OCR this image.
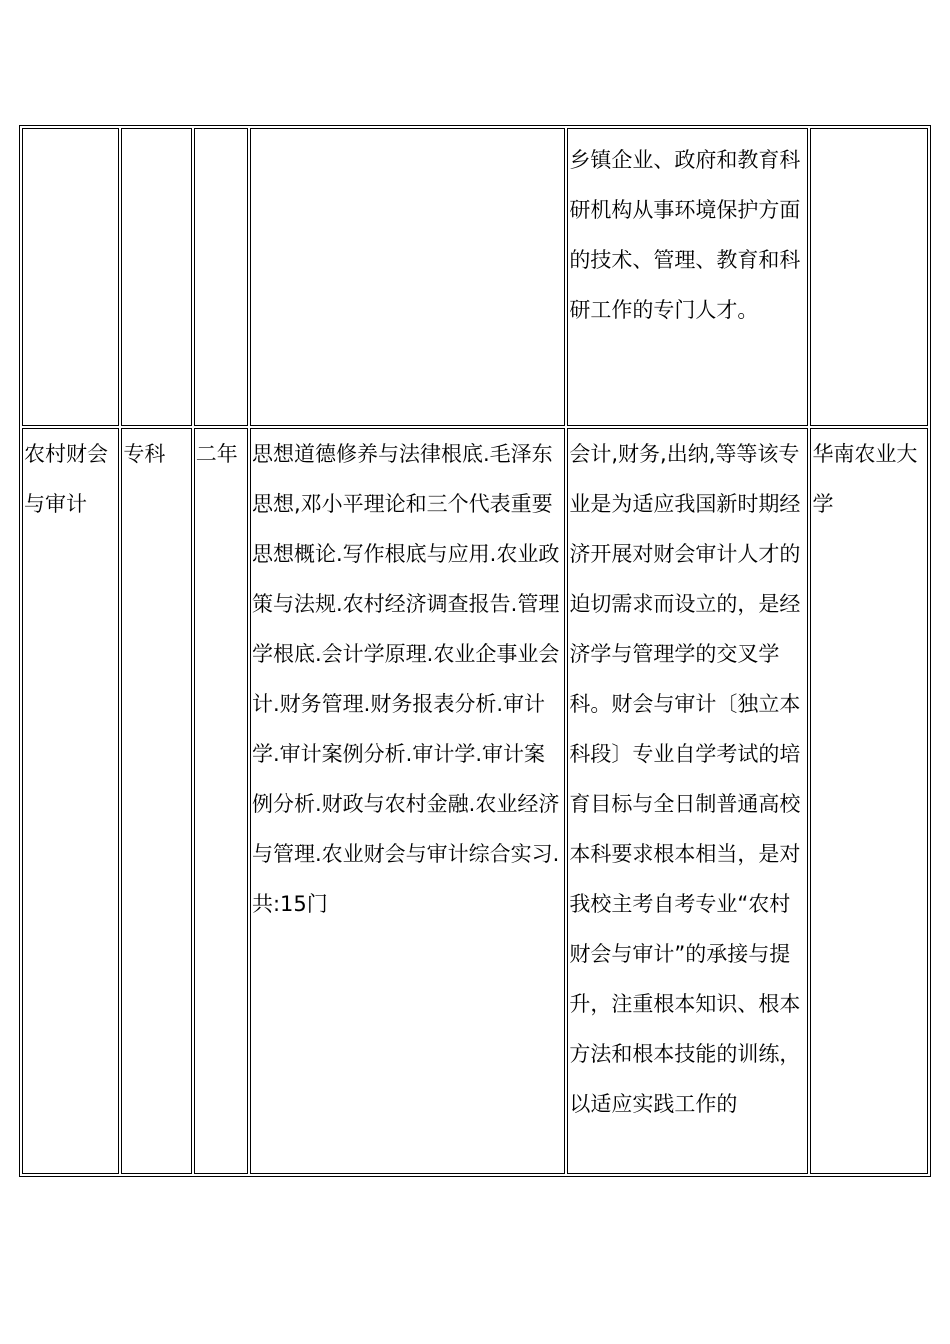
				乡镇企业、政府和教育科研机构从事环境保护方面的技术、管理、教育和科研工作的专门人才。	
农村财会与审计	专科	二年	思想道德修养与法律根底.毛泽东思想,邓小平理论和三个代表重要思想概论.写作根底与应用.农业政策与法规.农村经济调查报告.管理学根底.会计学原理.农业企事业会计.财务管理.财务报表分析.审计学.审计案例分析.审计学.审计案例分析.财政与农村金融.农业经济与管理.农业财会与审计综合实习.共:15门	会计,财务,出纳,等等该专业是为适应我国新时期经济开展对财会审计人才的迫切需求而设立的，是经济学与管理学的交叉学科。财会与审计〔独立本科段〕专业自学考试的培育目标与全日制普通高校本科要求根本相当，是对我校主考自考专业“农村财会与审计”的承接与提升，注重根本知识、根本方法和根本技能的训练，以适应实践工作的	华南农业大学
